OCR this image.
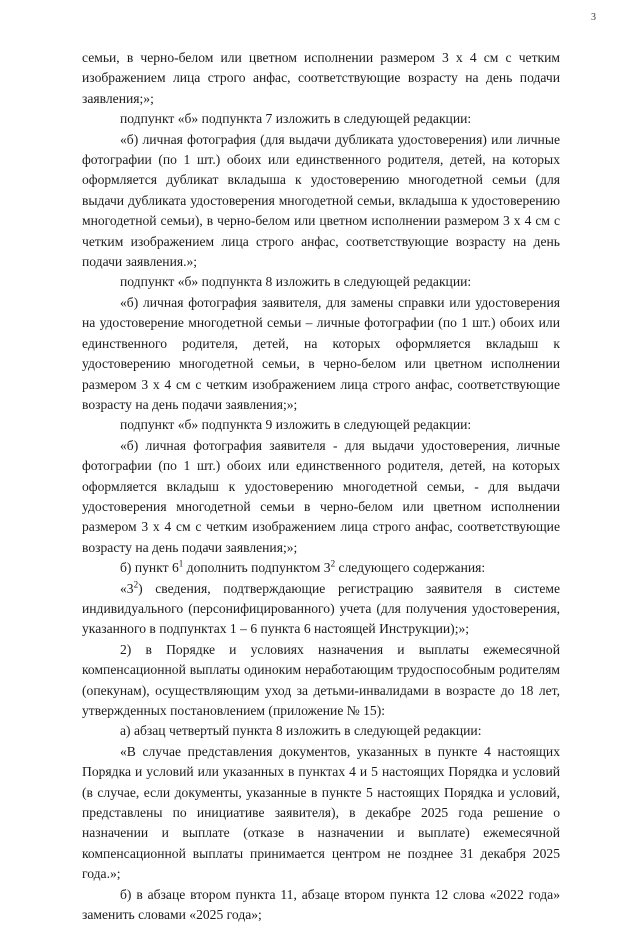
3

семьи, в черно-белом или цветном исполнении размером 3 х 4 см с четким изображением лица строго анфас, соответствующие возрасту на день подачи заявления;»;

подпункт «б» подпункта 7 изложить в следующей редакции:

«б) личная фотография (для выдачи дубликата удостоверения) или личные фотографии (по 1 шт.) обоих или единственного родителя, детей, на которых оформляется дубликат вкладыша к удостоверению многодетной семьи (для выдачи дубликата удостоверения многодетной семьи, вкладыша к удостоверению многодетной семьи), в черно-белом или цветном исполнении размером 3 х 4 см с четким изображением лица строго анфас, соответствующие возрасту на день подачи заявления.»;

подпункт «б» подпункта 8 изложить в следующей редакции:

«б) личная фотография заявителя, для замены справки или удостоверения на удостоверение многодетной семьи – личные фотографии (по 1 шт.) обоих или единственного родителя, детей, на которых оформляется вкладыш к удостоверению многодетной семьи, в черно-белом или цветном исполнении размером 3 х 4 см с четким изображением лица строго анфас, соответствующие возрасту на день подачи заявления;»;

подпункт «б» подпункта 9 изложить в следующей редакции:

«б) личная фотография заявителя - для выдачи удостоверения, личные фотографии (по 1 шт.) обоих или единственного родителя, детей, на которых оформляется вкладыш к удостоверению многодетной семьи, - для выдачи удостоверения многодетной семьи в черно-белом или цветном исполнении размером 3 х 4 см с четким изображением лица строго анфас, соответствующие возрасту на день подачи заявления;»;

б) пункт $6^1$ дополнить подпунктом $3^2$ следующего содержания:

«$3^2$) сведения, подтверждающие регистрацию заявителя в системе индивидуального (персонифицированного) учета (для получения удостоверения, указанного в подпунктах 1 – 6 пункта 6 настоящей Инструкции);»;

2) в Порядке и условиях назначения и выплаты ежемесячной компенсационной выплаты одиноким неработающим трудоспособным родителям (опекунам), осуществляющим уход за детьми-инвалидами в возрасте до 18 лет, утвержденных постановлением (приложение № 15):

а) абзац четвертый пункта 8 изложить в следующей редакции:

«В случае представления документов, указанных в пункте 4 настоящих Порядка и условий или указанных в пунктах 4 и 5 настоящих Порядка и условий (в случае, если документы, указанные в пункте 5 настоящих Порядка и условий, представлены по инициативе заявителя), в декабре 2025 года решение о назначении и выплате (отказе в назначении и выплате) ежемесячной компенсационной выплаты принимается центром не позднее 31 декабря 2025 года.»;

б) в абзаце втором пункта 11, абзаце втором пункта 12 слова «2022 года» заменить словами «2025 года»;
